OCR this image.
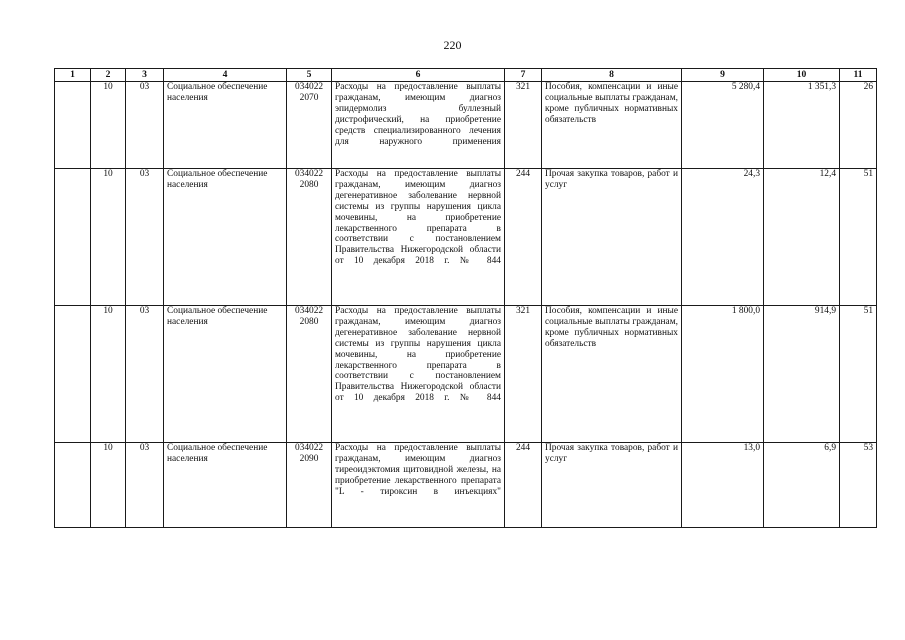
220
1	2	3	4	5	6	7	8	9	10	11
	10	03	Социальное обеспечение населения	034022 2070	Расходы на предоставление выплаты гражданам, имеющим диагноз эпидермолиз буллезный дистрофический, на приобретение средств специализированного лечения для наружного применения	321	Пособия, компенсации и иные социальные выплаты гражданам, кроме публичных нормативных обязательств	5 280,4	1 351,3	26
	10	03	Социальное обеспечение населения	034022 2080	Расходы на предоставление выплаты гражданам, имеющим диагноз дегенеративное заболевание нервной системы из группы нарушения цикла мочевины, на приобретение лекарственного препарата в соответствии с постановлением Правительства Нижегородской области от 10 декабря 2018 г. № 844	244	Прочая закупка товаров, работ и услуг	24,3	12,4	51
	10	03	Социальное обеспечение населения	034022 2080	Расходы на предоставление выплаты гражданам, имеющим диагноз дегенеративное заболевание нервной системы из группы нарушения цикла мочевины, на приобретение лекарственного препарата в соответствии с постановлением Правительства Нижегородской области от 10 декабря 2018 г. № 844	321	Пособия, компенсации и иные социальные выплаты гражданам, кроме публичных нормативных обязательств	1 800,0	914,9	51
	10	03	Социальное обеспечение населения	034022 2090	Расходы на предоставление выплаты гражданам, имеющим диагноз тиреоидэктомия щитовидной железы, на приобретение лекарственного препарата "L - тироксин в инъекциях"	244	Прочая закупка товаров, работ и услуг	13,0	6,9	53
